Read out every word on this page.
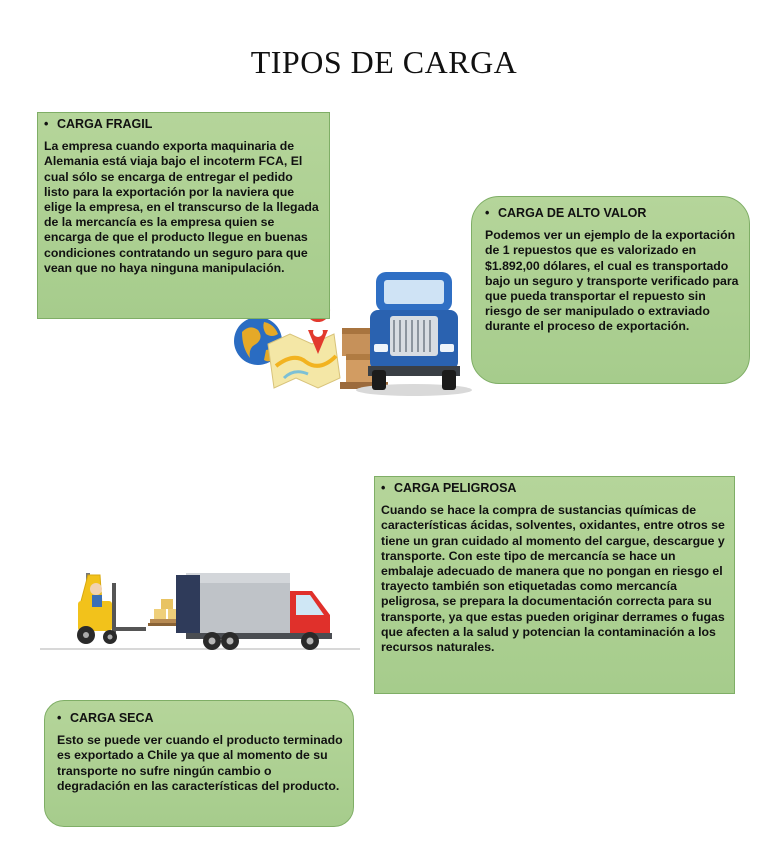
TIPOS DE CARGA
• CARGA FRAGIL

La empresa cuando exporta maquinaria de Alemania está viaja bajo el incoterm FCA, El cual sólo se encarga de entregar el pedido listo para la exportación por la naviera que elige la empresa, en el transcurso de la llegada de la mercancía es la empresa quien se encarga de que el producto llegue en buenas condiciones contratando un seguro para que vean que no haya ninguna manipulación.

• CARGA DE ALTO VALOR

Podemos ver un ejemplo de la exportación de 1 repuestos que es valorizado en $1.892,00 dólares, el cual es transportado bajo un seguro y transporte verificado para que pueda transportar el repuesto sin riesgo de ser manipulado o extraviado durante el proceso de exportación.

• CARGA PELIGROSA

Cuando se hace la compra de sustancias químicas de características ácidas, solventes, oxidantes, entre otros se tiene un gran cuidado al momento del cargue, descargue y transporte. Con este tipo de mercancía se hace un embalaje adecuado de manera que no pongan en riesgo el trayecto también son etiquetadas como mercancía peligrosa, se prepara la documentación correcta para su transporte, ya que estas pueden originar derrames o fugas que afecten a la salud y potencian la contaminación a los recursos naturales.

• CARGA SECA

Esto se puede ver cuando el producto terminado es exportado a Chile ya que al momento de su transporte no sufre ningún cambio o degradación en las características del producto.
